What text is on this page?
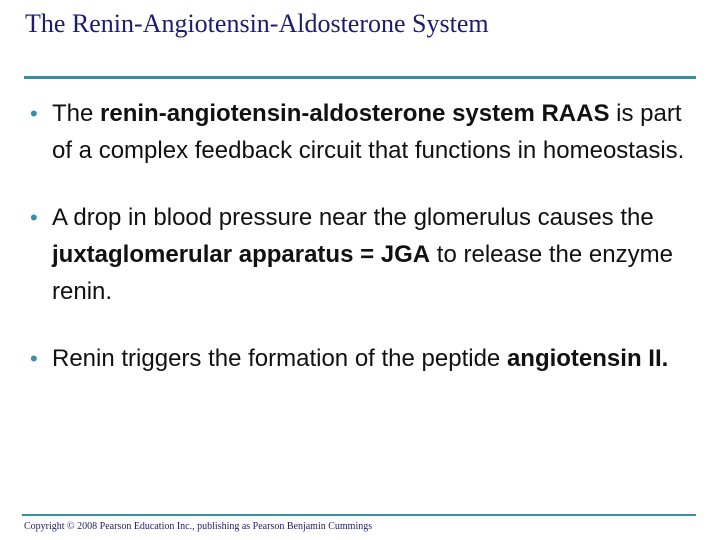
The Renin-Angiotensin-Aldosterone System

• The renin-angiotensin-aldosterone system RAAS is part of a complex feedback circuit that functions in homeostasis.

• A drop in blood pressure near the glomerulus causes the juxtaglomerular apparatus = JGA to release the enzyme renin.

• Renin triggers the formation of the peptide angiotensin II.

Copyright © 2008 Pearson Education Inc., publishing as Pearson Benjamin Cummings
